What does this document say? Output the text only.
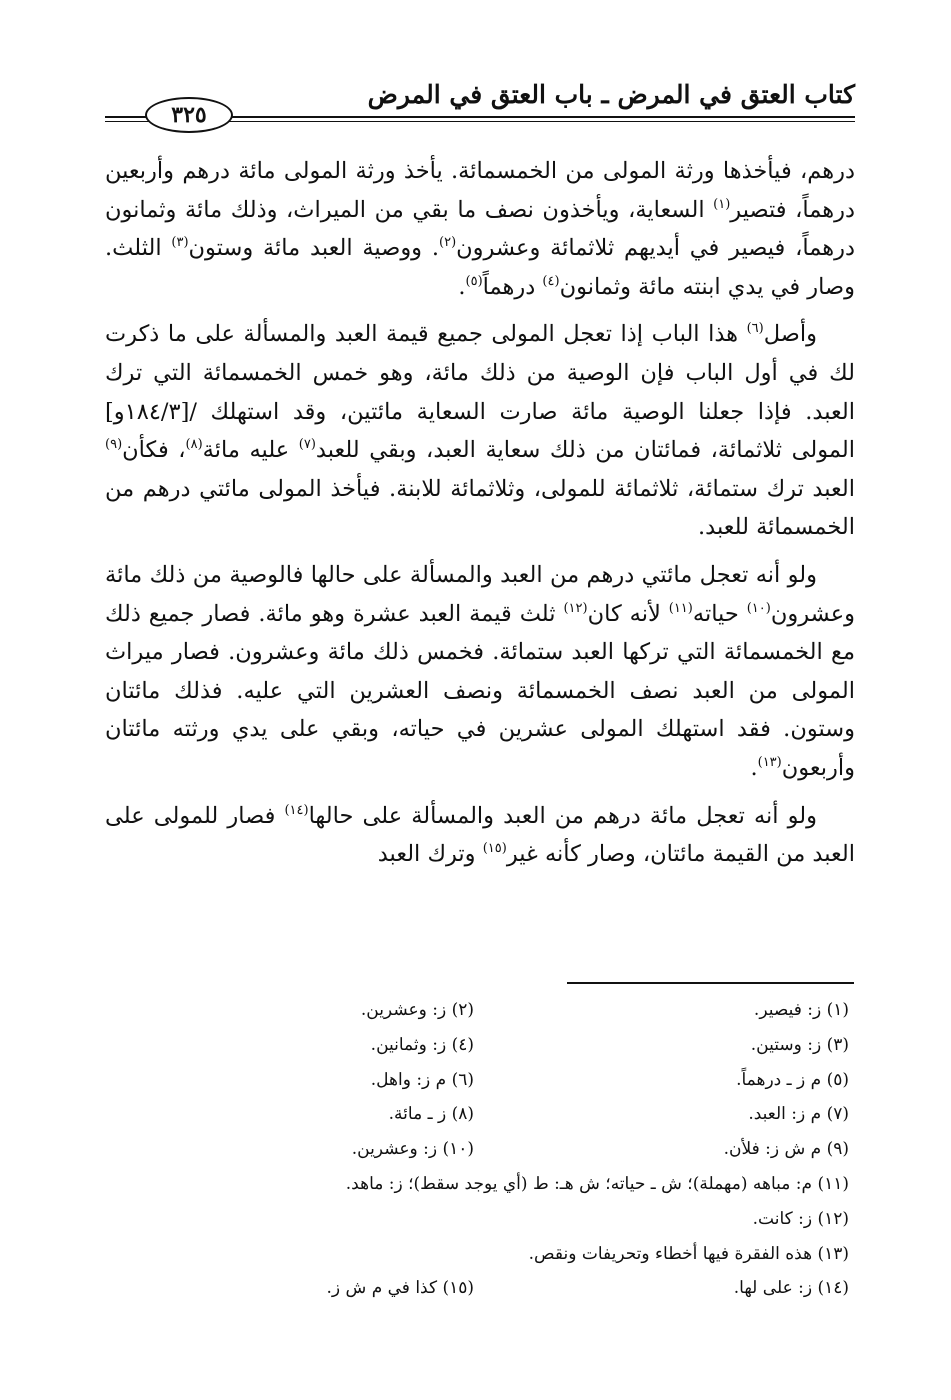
كتاب العتق في المرض ـ باب العتق في المرض
٣٢٥

درهم، فيأخذها ورثة المولى من الخمسمائة. يأخذ ورثة المولى مائة درهم وأربعين درهماً، فتصير$^{(١)}$ السعاية، ويأخذون نصف ما بقي من الميراث، وذلك مائة وثمانون درهماً، فيصير في أيديهم ثلاثمائة وعشرون$^{(٢)}$. ووصية العبد مائة وستون$^{(٣)}$ الثلث. وصار في يدي ابنته مائة وثمانون$^{(٤)}$ درهماً$^{(٥)}$.

وأصل$^{(٦)}$ هذا الباب إذا تعجل المولى جميع قيمة العبد والمسألة على ما ذكرت لك في أول الباب فإن الوصية من ذلك مائة، وهو خمس الخمسمائة التي ترك العبد. فإذا جعلنا الوصية مائة صارت السعاية مائتين، وقد استهلك /[١٨٤/٣و] المولى ثلاثمائة، فمائتان من ذلك سعاية العبد، وبقي للعبد$^{(٧)}$ عليه مائة$^{(٨)}$، فكأن$^{(٩)}$ العبد ترك ستمائة، ثلاثمائة للمولى، وثلاثمائة للابنة. فيأخذ المولى مائتي درهم من الخمسمائة للعبد.

ولو أنه تعجل مائتي درهم من العبد والمسألة على حالها فالوصية من ذلك مائة وعشرون$^{(١٠)}$ حياته$^{(١١)}$ لأنه كان$^{(١٢)}$ ثلث قيمة العبد عشرة وهو مائة. فصار جميع ذلك مع الخمسمائة التي تركها العبد ستمائة. فخمس ذلك مائة وعشرون. فصار ميراث المولى من العبد نصف الخمسمائة ونصف العشرين التي عليه. فذلك مائتان وستون. فقد استهلك المولى عشرين في حياته، وبقي على يدي ورثته مائتان وأربعون$^{(١٣)}$.

ولو أنه تعجل مائة درهم من العبد والمسألة على حالها$^{(١٤)}$ فصار للمولى على العبد من القيمة مائتان، وصار كأنه غير$^{(١٥)}$ وترك العبد

(١) ز: فيصير.
(٢) ز: وعشرين.
(٣) ز: وستين.
(٤) ز: وثمانين.
(٥) م ز ـ درهماً.
(٦) م ز: واهل.
(٧) م ز: العبد.
(٨) ز ـ مائة.
(٩) م ش ز: فلأن.
(١٠) ز: وعشرين.
(١١) م: مباهه (مهملة)؛ ش ـ حياته؛ ش هـ: ط (أي يوجد سقط)؛ ز: ماهد.
(١٢) ز: كانت.
(١٣) هذه الفقرة فيها أخطاء وتحريفات ونقص.
(١٤) ز: على لها.
(١٥) كذا في م ش ز.
